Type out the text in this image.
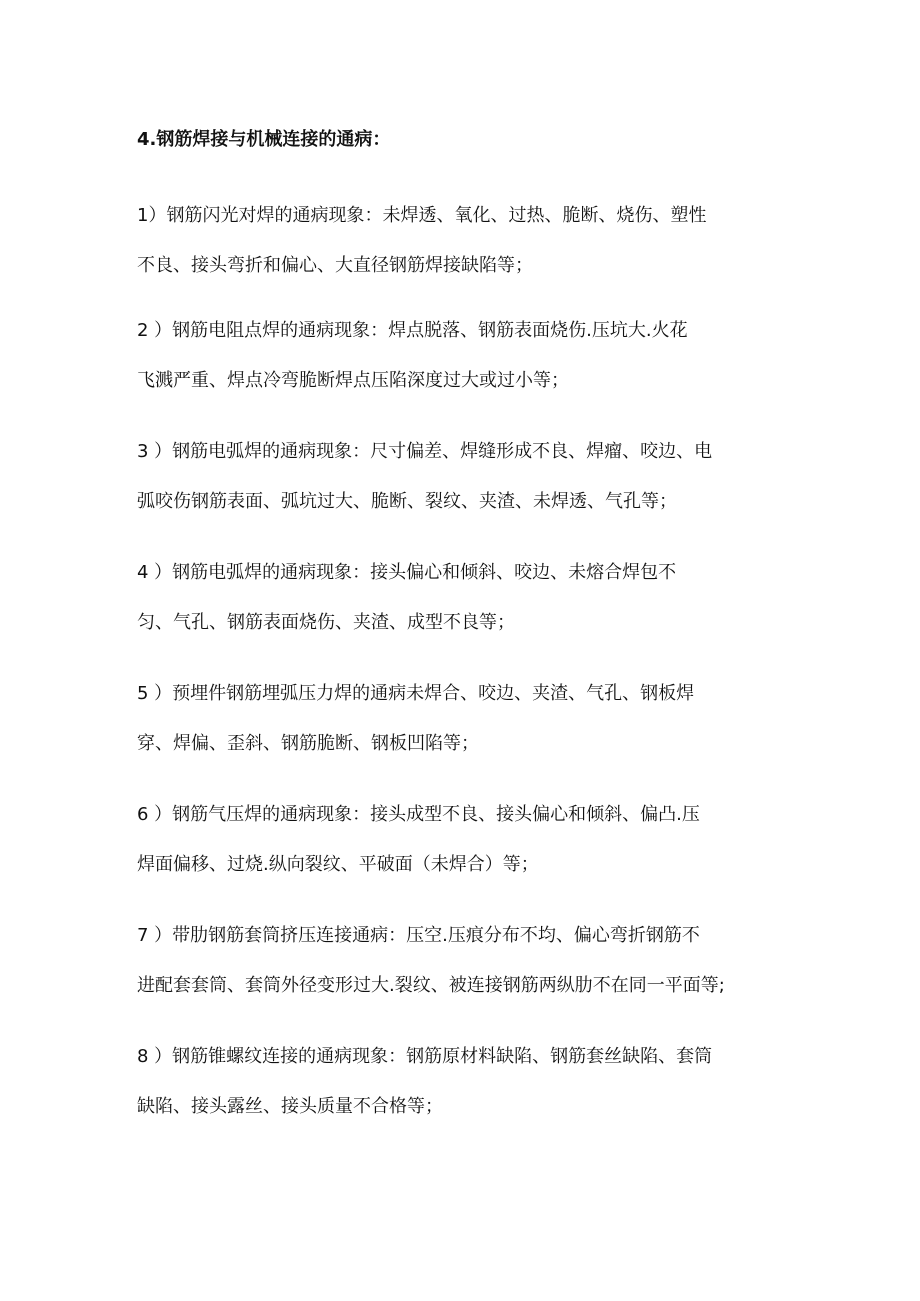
4.钢筋焊接与机械连接的通病：

1）钢筋闪光对焊的通病现象：未焊透、氧化、过热、脆断、烧伤、塑性
不良、接头弯折和偏心、大直径钢筋焊接缺陷等；

2 ）钢筋电阻点焊的通病现象：焊点脱落、钢筋表面烧伤.压坑大.火花
飞溅严重、焊点冷弯脆断焊点压陷深度过大或过小等；

3 ）钢筋电弧焊的通病现象：尺寸偏差、焊缝形成不良、焊瘤、咬边、电
弧咬伤钢筋表面、弧坑过大、脆断、裂纹、夹渣、未焊透、气孔等；

4 ）钢筋电弧焊的通病现象：接头偏心和倾斜、咬边、未熔合焊包不
匀、气孔、钢筋表面烧伤、夹渣、成型不良等；

5 ）预埋件钢筋埋弧压力焊的通病未焊合、咬边、夹渣、气孔、钢板焊
穿、焊偏、歪斜、钢筋脆断、钢板凹陷等；

6 ）钢筋气压焊的通病现象：接头成型不良、接头偏心和倾斜、偏凸.压
焊面偏移、过烧.纵向裂纹、平破面（未焊合）等；

7 ）带肋钢筋套筒挤压连接通病：压空.压痕分布不均、偏心弯折钢筋不
进配套套筒、套筒外径变形过大.裂纹、被连接钢筋两纵肋不在同一平面等;

8 ）钢筋锥螺纹连接的通病现象：钢筋原材料缺陷、钢筋套丝缺陷、套筒
缺陷、接头露丝、接头质量不合格等；
